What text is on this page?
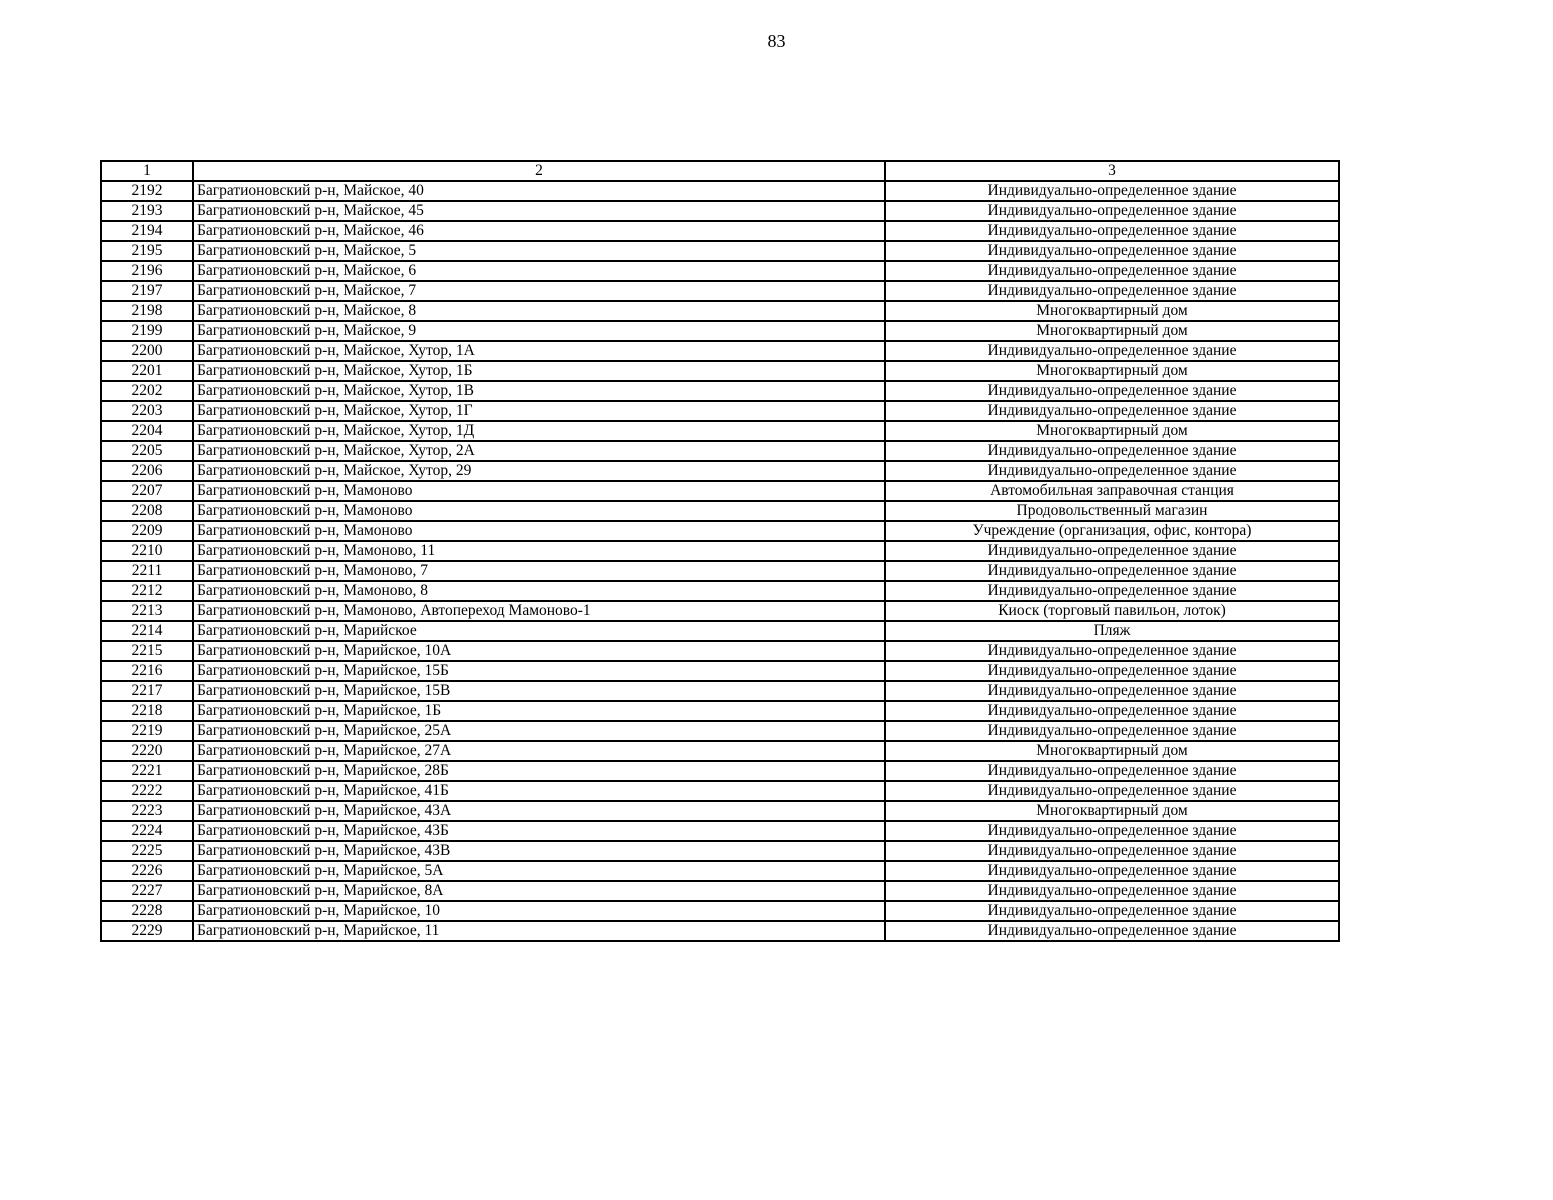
83
1	2	3
2192	Багратионовский р-н, Майское, 40	Индивидуально-определенное здание
2193	Багратионовский р-н, Майское, 45	Индивидуально-определенное здание
2194	Багратионовский р-н, Майское, 46	Индивидуально-определенное здание
2195	Багратионовский р-н, Майское, 5	Индивидуально-определенное здание
2196	Багратионовский р-н, Майское, 6	Индивидуально-определенное здание
2197	Багратионовский р-н, Майское, 7	Индивидуально-определенное здание
2198	Багратионовский р-н, Майское, 8	Многоквартирный дом
2199	Багратионовский р-н, Майское, 9	Многоквартирный дом
2200	Багратионовский р-н, Майское, Хутор, 1А	Индивидуально-определенное здание
2201	Багратионовский р-н, Майское, Хутор, 1Б	Многоквартирный дом
2202	Багратионовский р-н, Майское, Хутор, 1В	Индивидуально-определенное здание
2203	Багратионовский р-н, Майское, Хутор, 1Г	Индивидуально-определенное здание
2204	Багратионовский р-н, Майское, Хутор, 1Д	Многоквартирный дом
2205	Багратионовский р-н, Майское, Хутор, 2А	Индивидуально-определенное здание
2206	Багратионовский р-н, Майское, Хутор, 29	Индивидуально-определенное здание
2207	Багратионовский р-н, Мамоново	Автомобильная заправочная станция
2208	Багратионовский р-н, Мамоново	Продовольственный магазин
2209	Багратионовский р-н, Мамоново	Учреждение (организация, офис, контора)
2210	Багратионовский р-н, Мамоново, 11	Индивидуально-определенное здание
2211	Багратионовский р-н, Мамоново, 7	Индивидуально-определенное здание
2212	Багратионовский р-н, Мамоново, 8	Индивидуально-определенное здание
2213	Багратионовский р-н, Мамоново, Автопереход Мамоново-1	Киоск (торговый павильон, лоток)
2214	Багратионовский р-н, Марийское	Пляж
2215	Багратионовский р-н, Марийское, 10А	Индивидуально-определенное здание
2216	Багратионовский р-н, Марийское, 15Б	Индивидуально-определенное здание
2217	Багратионовский р-н, Марийское, 15В	Индивидуально-определенное здание
2218	Багратионовский р-н, Марийское, 1Б	Индивидуально-определенное здание
2219	Багратионовский р-н, Марийское, 25А	Индивидуально-определенное здание
2220	Багратионовский р-н, Марийское, 27А	Многоквартирный дом
2221	Багратионовский р-н, Марийское, 28Б	Индивидуально-определенное здание
2222	Багратионовский р-н, Марийское, 41Б	Индивидуально-определенное здание
2223	Багратионовский р-н, Марийское, 43А	Многоквартирный дом
2224	Багратионовский р-н, Марийское, 43Б	Индивидуально-определенное здание
2225	Багратионовский р-н, Марийское, 43В	Индивидуально-определенное здание
2226	Багратионовский р-н, Марийское, 5А	Индивидуально-определенное здание
2227	Багратионовский р-н, Марийское, 8А	Индивидуально-определенное здание
2228	Багратионовский р-н, Марийское, 10	Индивидуально-определенное здание
2229	Багратионовский р-н, Марийское, 11	Индивидуально-определенное здание
